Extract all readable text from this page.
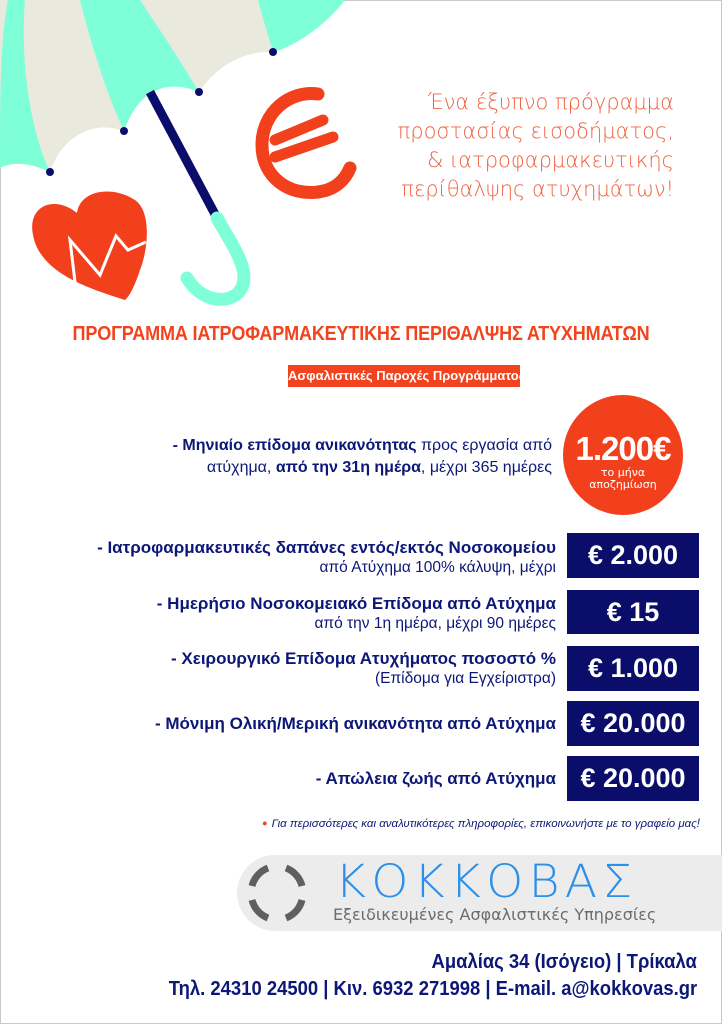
Ένα έξυπνο πρόγραμμα
προστασίας εισοδήματος,
& ιατροφαρμακευτικής
περίθαλψης ατυχημάτων!
ΠΡΟΓΡΑΜΜΑ ΙΑΤΡΟΦΑΡΜΑΚΕΥΤΙΚΗΣ ΠΕΡΙΘΑΛΨΗΣ ΑΤΥΧΗΜΑΤΩΝ
Ασφαλιστικές Παροχές Προγράμματος
- Μηνιαίο επίδομα ανικανότητας προς εργασία από
ατύχημα, από την 31η ημέρα, μέχρι 365 ημέρες
1.200€
το μήνα
αποζημίωση
- Ιατροφαρμακευτικές δαπάνες εντός/εκτός Νοσοκομείου
από Ατύχημα 100% κάλυψη, μέχρι	€ 2.000
- Ημερήσιο Νοσοκομειακό Επίδομα από Ατύχημα
από την 1η ημέρα, μέχρι 90 ημέρες	€ 15
- Χειρουργικό Επίδομα Ατυχήματος ποσοστό %
(Επίδομα για Εγχείριστρα)	€ 1.000
- Μόνιμη Ολική/Μερική ανικανότητα από Ατύχημα € 20.000
- Απώλεια ζωής από Ατύχημα € 20.000
● Για περισσότερες και αναλυτικότερες πληροφορίες, επικοινωνήστε με το γραφείο μας!
ΚΟΚΚΟΒΑΣ
Εξειδικευμένες Ασφαλιστικές Υπηρεσίες
Αμαλίας 34 (Ισόγειο) | Τρίκαλα
Τηλ. 24310 24500 | Κιν. 6932 271998 | E-mail. a@kokkovas.gr
